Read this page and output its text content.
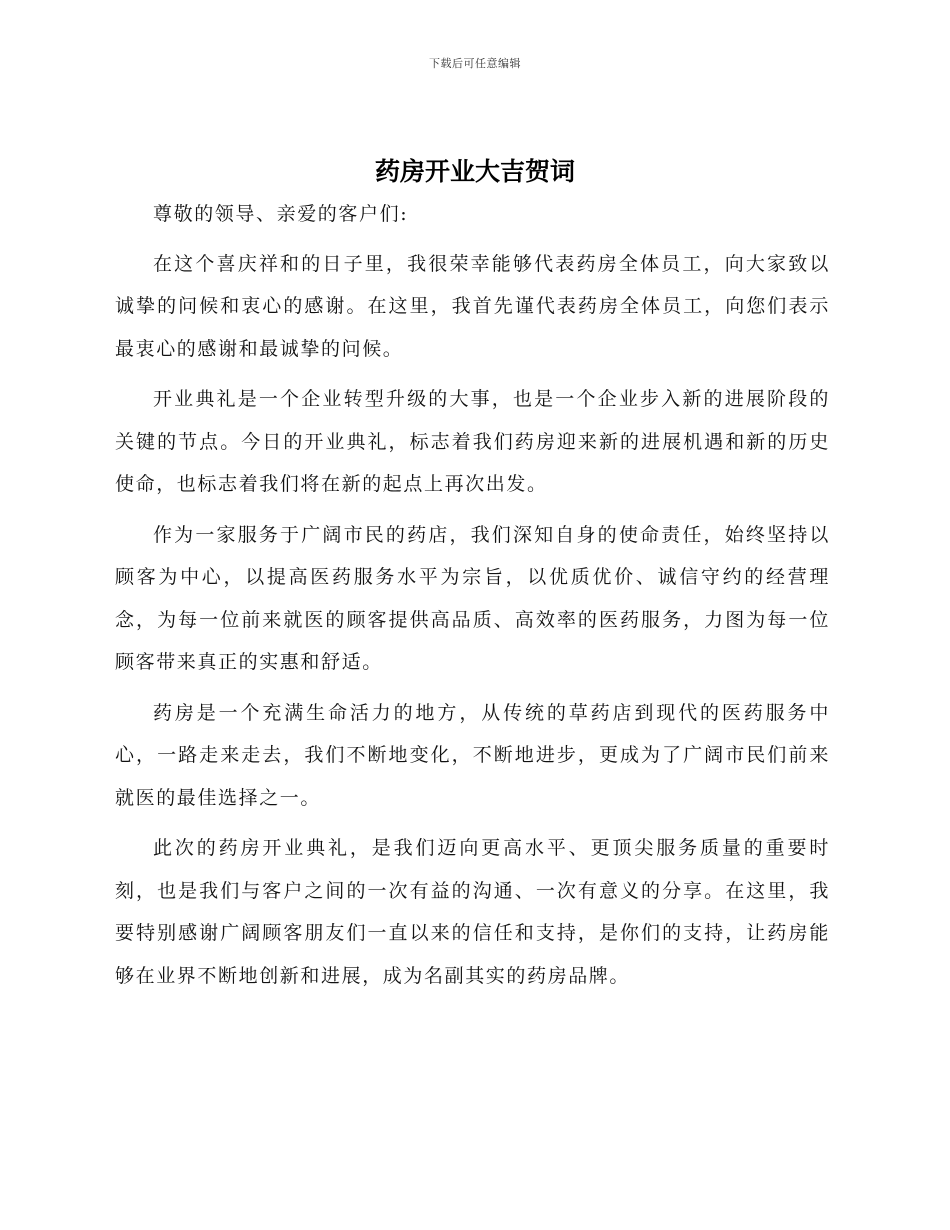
下载后可任意编辑
药房开业大吉贺词

尊敬的领导、亲爱的客户们:

在这个喜庆祥和的日子里，我很荣幸能够代表药房全体员工，向大家致以诚挚的问候和衷心的感谢。在这里，我首先谨代表药房全体员工，向您们表示最衷心的感谢和最诚挚的问候。

开业典礼是一个企业转型升级的大事，也是一个企业步入新的进展阶段的关键的节点。今日的开业典礼，标志着我们药房迎来新的进展机遇和新的历史使命，也标志着我们将在新的起点上再次出发。

作为一家服务于广阔市民的药店，我们深知自身的使命责任，始终坚持以顾客为中心，以提高医药服务水平为宗旨，以优质优价、诚信守约的经营理念，为每一位前来就医的顾客提供高品质、高效率的医药服务，力图为每一位顾客带来真正的实惠和舒适。

药房是一个充满生命活力的地方，从传统的草药店到现代的医药服务中心，一路走来走去，我们不断地变化，不断地进步，更成为了广阔市民们前来就医的最佳选择之一。

此次的药房开业典礼，是我们迈向更高水平、更顶尖服务质量的重要时刻，也是我们与客户之间的一次有益的沟通、一次有意义的分享。在这里，我要特别感谢广阔顾客朋友们一直以来的信任和支持，是你们的支持，让药房能够在业界不断地创新和进展，成为名副其实的药房品牌。
